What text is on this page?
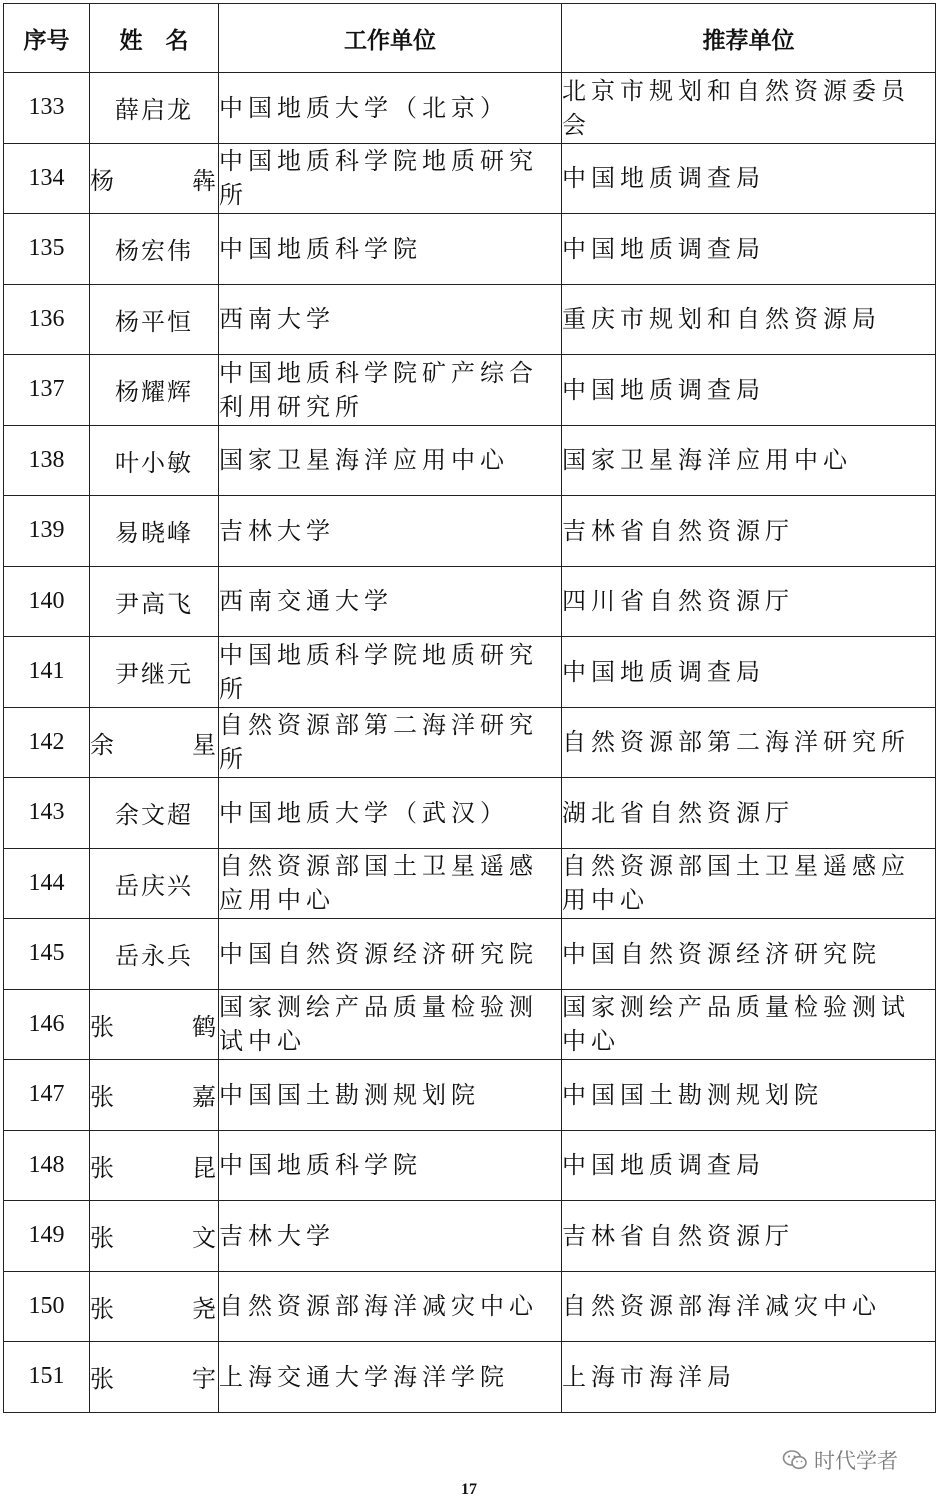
序号	姓　名	工作单位	推荐单位
133	薛启龙	中国地质大学（北京）	北京市规划和自然资源委员会
134	杨犇	中国地质科学院地质研究所	中国地质调查局
135	杨宏伟	中国地质科学院	中国地质调查局
136	杨平恒	西南大学	重庆市规划和自然资源局
137	杨耀辉	中国地质科学院矿产综合利用研究所	中国地质调查局
138	叶小敏	国家卫星海洋应用中心	国家卫星海洋应用中心
139	易晓峰	吉林大学	吉林省自然资源厅
140	尹高飞	西南交通大学	四川省自然资源厅
141	尹继元	中国地质科学院地质研究所	中国地质调查局
142	余星	自然资源部第二海洋研究所	自然资源部第二海洋研究所
143	余文超	中国地质大学（武汉）	湖北省自然资源厅
144	岳庆兴	自然资源部国土卫星遥感应用中心	自然资源部国土卫星遥感应用中心
145	岳永兵	中国自然资源经济研究院	中国自然资源经济研究院
146	张鹤	国家测绘产品质量检验测试中心	国家测绘产品质量检验测试中心
147	张嘉	中国国土勘测规划院	中国国土勘测规划院
148	张昆	中国地质科学院	中国地质调查局
149	张文	吉林大学	吉林省自然资源厅
150	张尧	自然资源部海洋减灾中心	自然资源部海洋减灾中心
151	张宇	上海交通大学海洋学院	上海市海洋局
时代学者
17
